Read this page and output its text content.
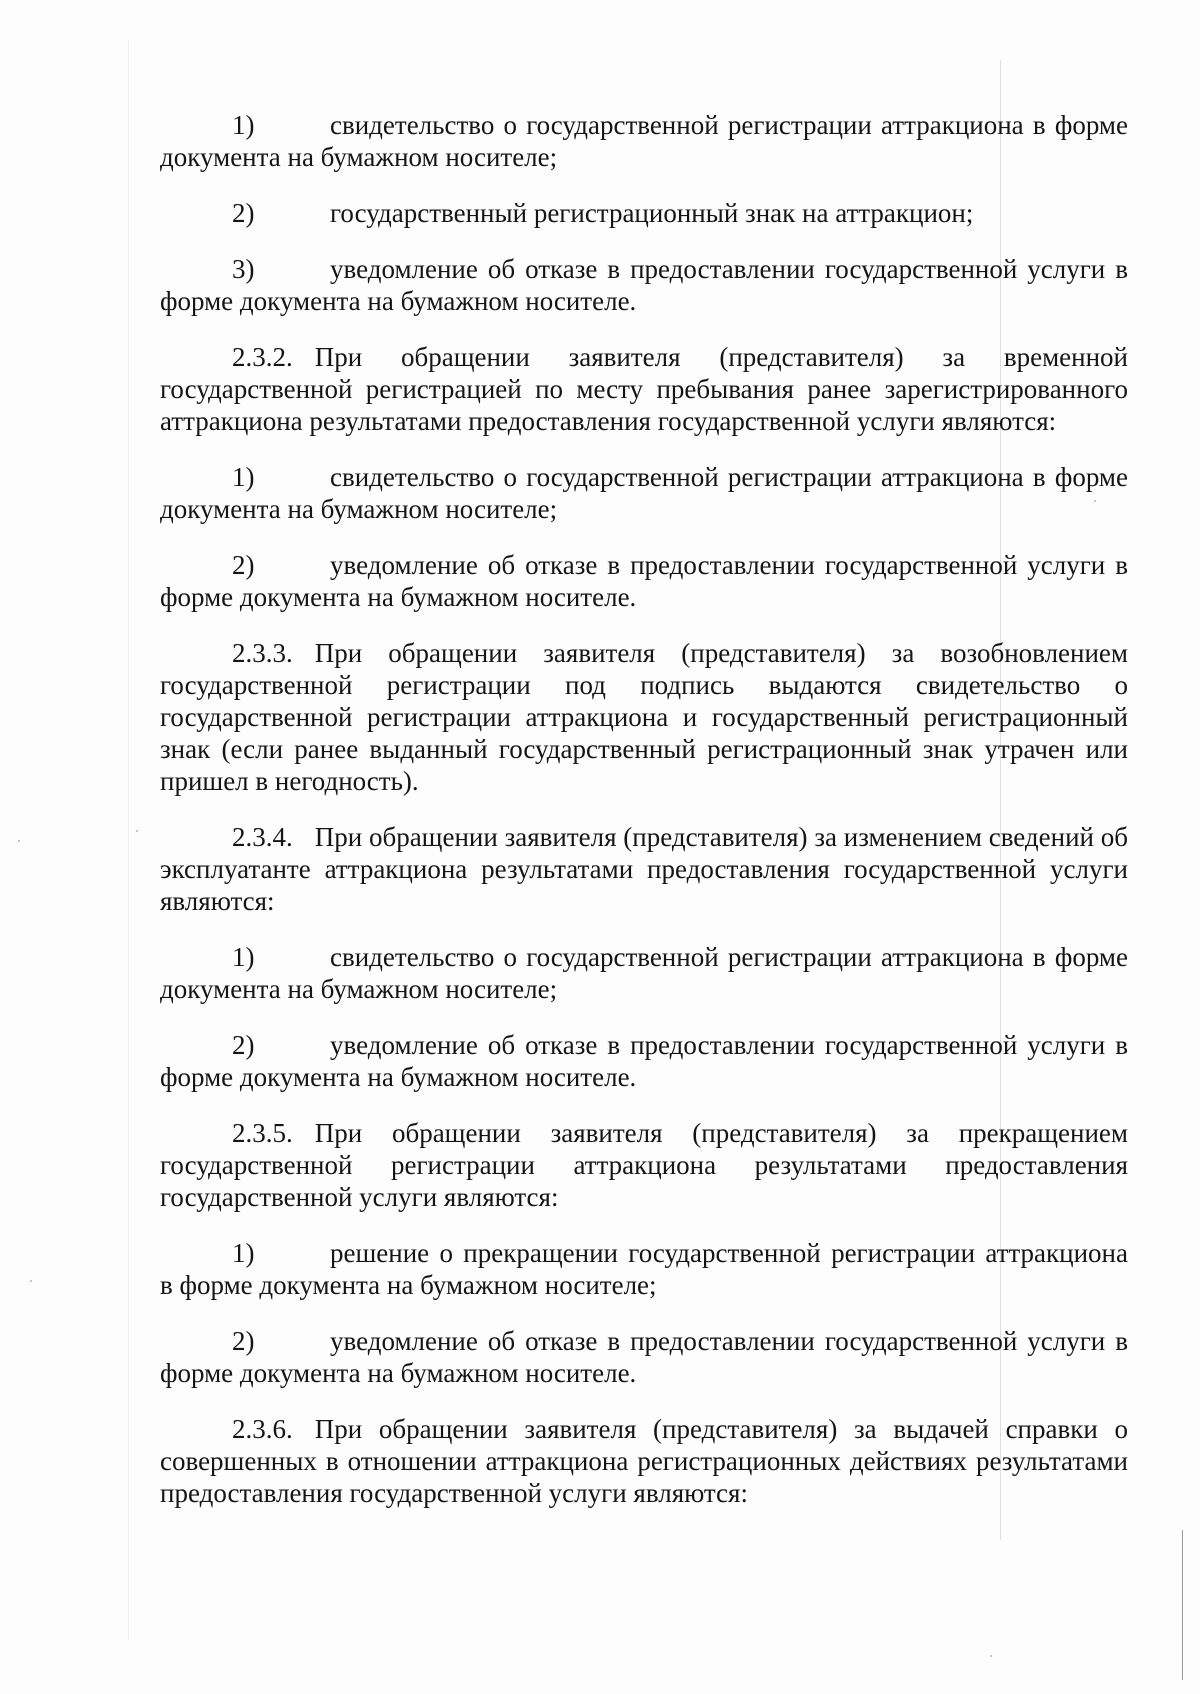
1)	свидетельство о государственной регистрации аттракциона в форме документа на бумажном носителе;

2)	государственный регистрационный знак на аттракцион;

3)	уведомление об отказе в предоставлении государственной услуги в форме документа на бумажном носителе.

2.3.2. При обращении заявителя (представителя) за временной государственной регистрацией по месту пребывания ранее зарегистрированного аттракциона результатами предоставления государственной услуги являются:

1)	свидетельство о государственной регистрации аттракциона в форме документа на бумажном носителе;

2)	уведомление об отказе в предоставлении государственной услуги в форме документа на бумажном носителе.

2.3.3. При обращении заявителя (представителя) за возобновлением государственной регистрации под подпись выдаются свидетельство о государственной регистрации аттракциона и государственный регистрационный знак (если ранее выданный государственный регистрационный знак утрачен или пришел в негодность).

2.3.4. При обращении заявителя (представителя) за изменением сведений об эксплуатанте аттракциона результатами предоставления государственной услуги являются:

1)	свидетельство о государственной регистрации аттракциона в форме документа на бумажном носителе;

2)	уведомление об отказе в предоставлении государственной услуги в форме документа на бумажном носителе.

2.3.5. При обращении заявителя (представителя) за прекращением государственной регистрации аттракциона результатами предоставления государственной услуги являются:

1)	решение о прекращении государственной регистрации аттракциона в форме документа на бумажном носителе;

2)	уведомление об отказе в предоставлении государственной услуги в форме документа на бумажном носителе.

2.3.6. При обращении заявителя (представителя) за выдачей справки о совершенных в отношении аттракциона регистрационных действиях результатами предоставления государственной услуги являются:
